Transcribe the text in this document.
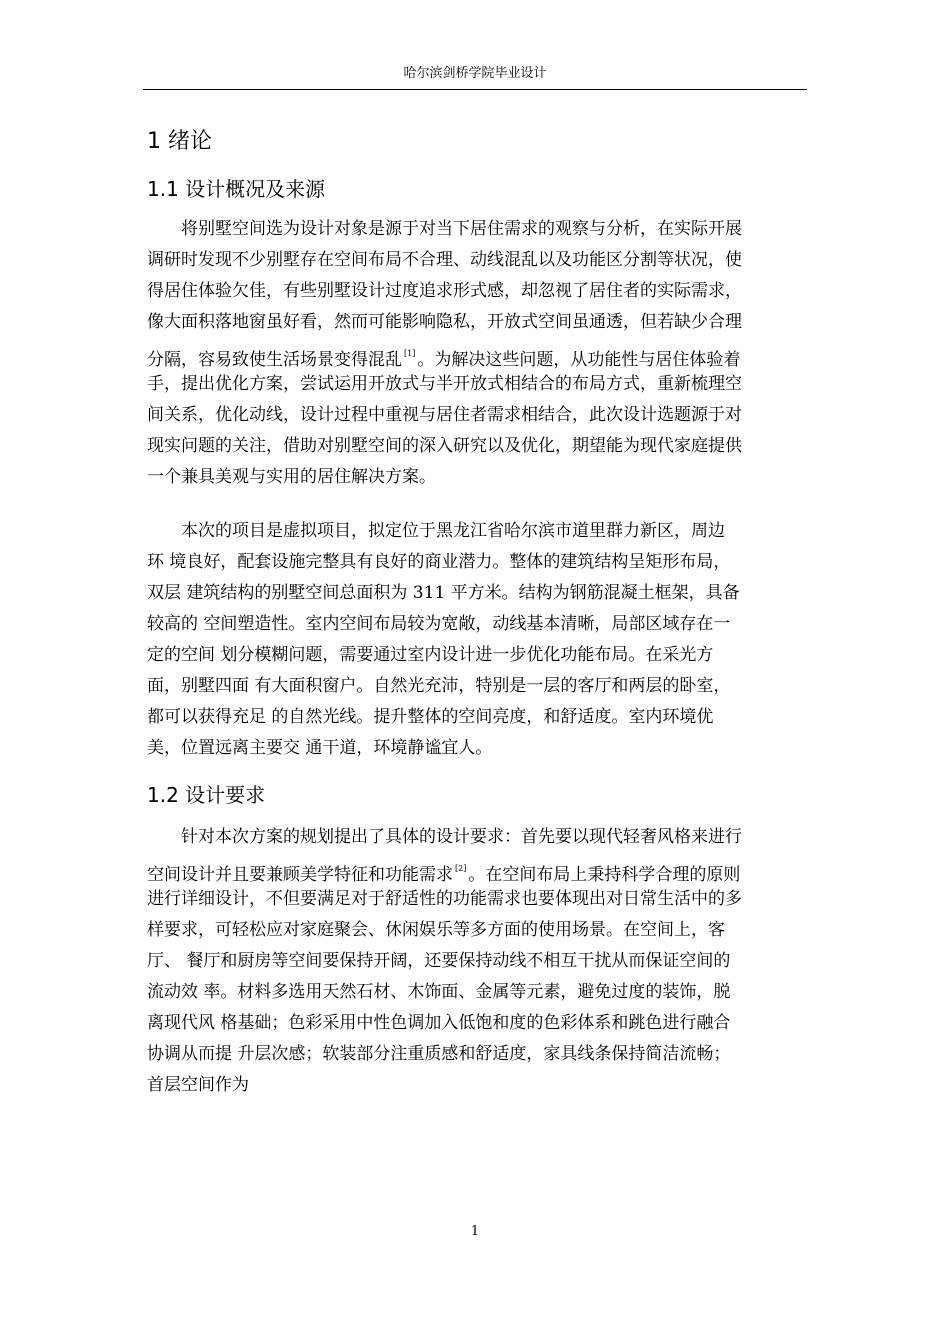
哈尔滨剑桥学院毕业设计
1 绪论
1.1 设计概况及来源
将别墅空间选为设计对象是源于对当下居住需求的观察与分析，在实际开展
调研时发现不少别墅存在空间布局不合理、动线混乱以及功能区分割等状况，使
得居住体验欠佳，有些别墅设计过度追求形式感，却忽视了居住者的实际需求，
像大面积落地窗虽好看，然而可能影响隐私，开放式空间虽通透，但若缺少合理
分隔，容易致使生活场景变得混乱 [1] 。为解决这些问题，从功能性与居住体验着
手，提出优化方案，尝试运用开放式与半开放式相结合的布局方式，重新梳理空
间关系，优化动线，设计过程中重视与居住者需求相结合，此次设计选题源于对
现实问题的关注，借助对别墅空间的深入研究以及优化，期望能为现代家庭提供
一个兼具美观与实用的居住解决方案。
本次的项目是虚拟项目，拟定位于黑龙江省哈尔滨市道里群力新区，周边
环 境良好，配套设施完整具有良好的商业潜力。整体的建筑结构呈矩形布局，
双层 建筑结构的别墅空间总面积为 311 平方米。结构为钢筋混凝土框架，具备
较高的 空间塑造性。室内空间布局较为宽敞，动线基本清晰，局部区域存在一
定的空间 划分模糊问题，需要通过室内设计进一步优化功能布局。在采光方
面，别墅四面 有大面积窗户。自然光充沛，特别是一层的客厅和两层的卧室，
都可以获得充足 的自然光线。提升整体的空间亮度，和舒适度。室内环境优
美，位置远离主要交 通干道，环境静谧宜人。
1.2 设计要求
针对本次方案的规划提出了具体的设计要求：首先要以现代轻奢风格来进行
空间设计并且要兼顾美学特征和功能需求 [2] 。在空间布局上秉持科学合理的原则
进行详细设计，不但要满足对于舒适性的功能需求也要体现出对日常生活中的多
样要求，可轻松应对家庭聚会、休闲娱乐等多方面的使用场景。在空间上，客
厅、 餐厅和厨房等空间要保持开阔，还要保持动线不相互干扰从而保证空间的
流动效 率。材料多选用天然石材、木饰面、金属等元素，避免过度的装饰，脱
离现代风 格基础；色彩采用中性色调加入低饱和度的色彩体系和跳色进行融合
协调从而提 升层次感；软装部分注重质感和舒适度，家具线条保持简洁流畅；
首层空间作为
1
